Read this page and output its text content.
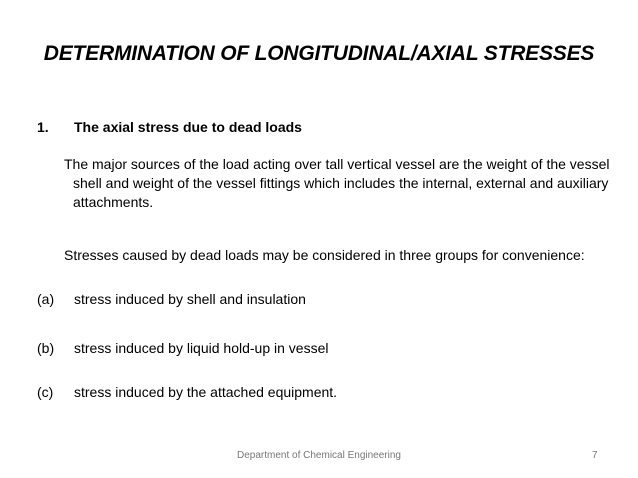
DETERMINATION OF LONGITUDINAL/AXIAL STRESSES
1. The axial stress due to dead loads
The major sources of the load acting over tall vertical vessel are the weight of the vessel shell and weight of the vessel fittings which includes the internal, external and auxiliary attachments.
Stresses caused by dead loads may be considered in three groups for convenience:
(a) stress induced by shell and insulation
(b) stress induced by liquid hold-up in vessel
(c) stress induced by the attached equipment.
Department of Chemical Engineering	7
